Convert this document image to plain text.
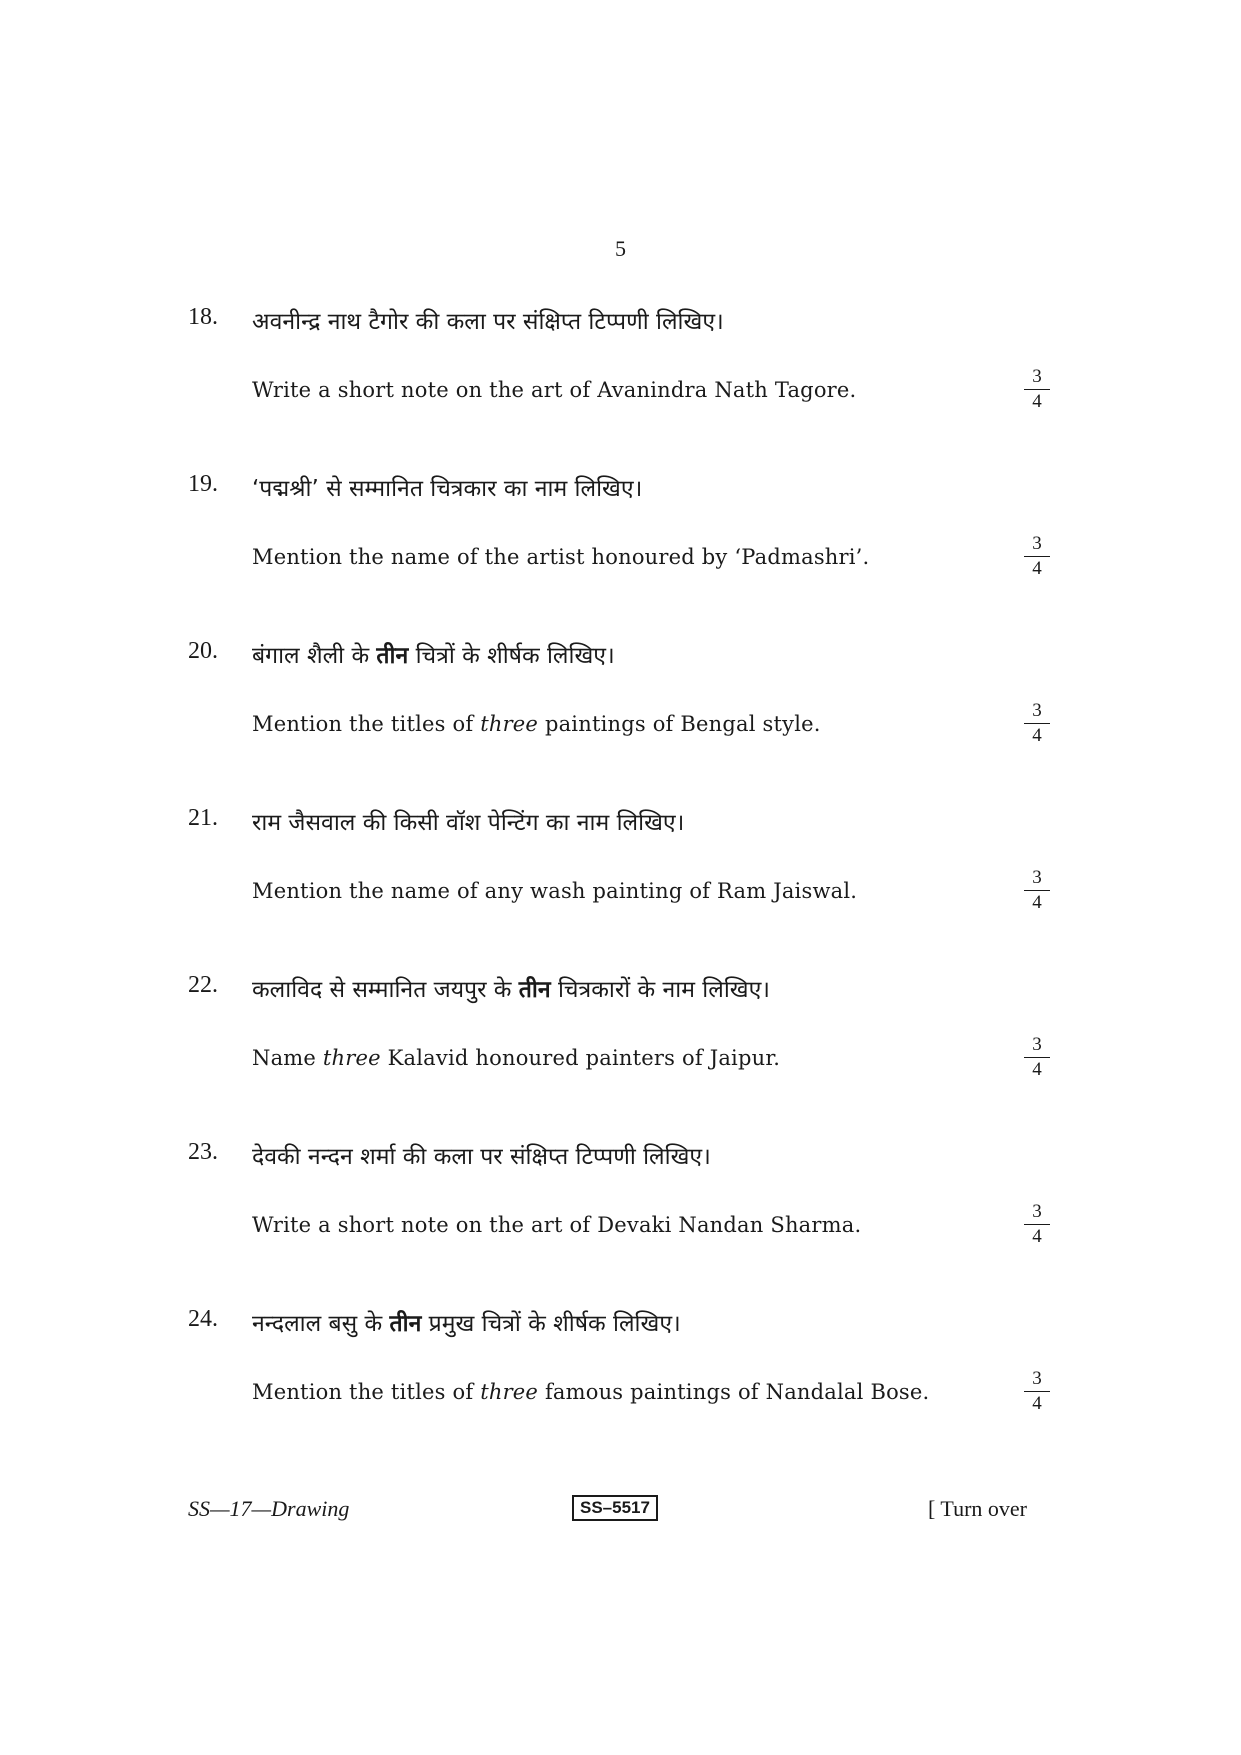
5
18. अवनीन्द्र नाथ टैगोर की कला पर संक्षिप्त टिप्पणी लिखिए।
Write a short note on the art of Avanindra Nath Tagore.	$\frac{3}{4}$
19. ‘पद्मश्री’ से सम्मानित चित्रकार का नाम लिखिए।
Mention the name of the artist honoured by ‘Padmashri’.	$\frac{3}{4}$
20. बंगाल शैली के तीन चित्रों के शीर्षक लिखिए।
Mention the titles of three paintings of Bengal style.	$\frac{3}{4}$
21. राम जैसवाल की किसी वॉश पेन्टिंग का नाम लिखिए।
Mention the name of any wash painting of Ram Jaiswal.	$\frac{3}{4}$
22. कलाविद से सम्मानित जयपुर के तीन चित्रकारों के नाम लिखिए।
Name three Kalavid honoured painters of Jaipur.	$\frac{3}{4}$
23. देवकी नन्दन शर्मा की कला पर संक्षिप्त टिप्पणी लिखिए।
Write a short note on the art of Devaki Nandan Sharma.	$\frac{3}{4}$
24. नन्दलाल बसु के तीन प्रमुख चित्रों के शीर्षक लिखिए।
Mention the titles of three famous paintings of Nandalal Bose.	$\frac{3}{4}$
SS—17—Drawing	SS–5517	[ Turn over
